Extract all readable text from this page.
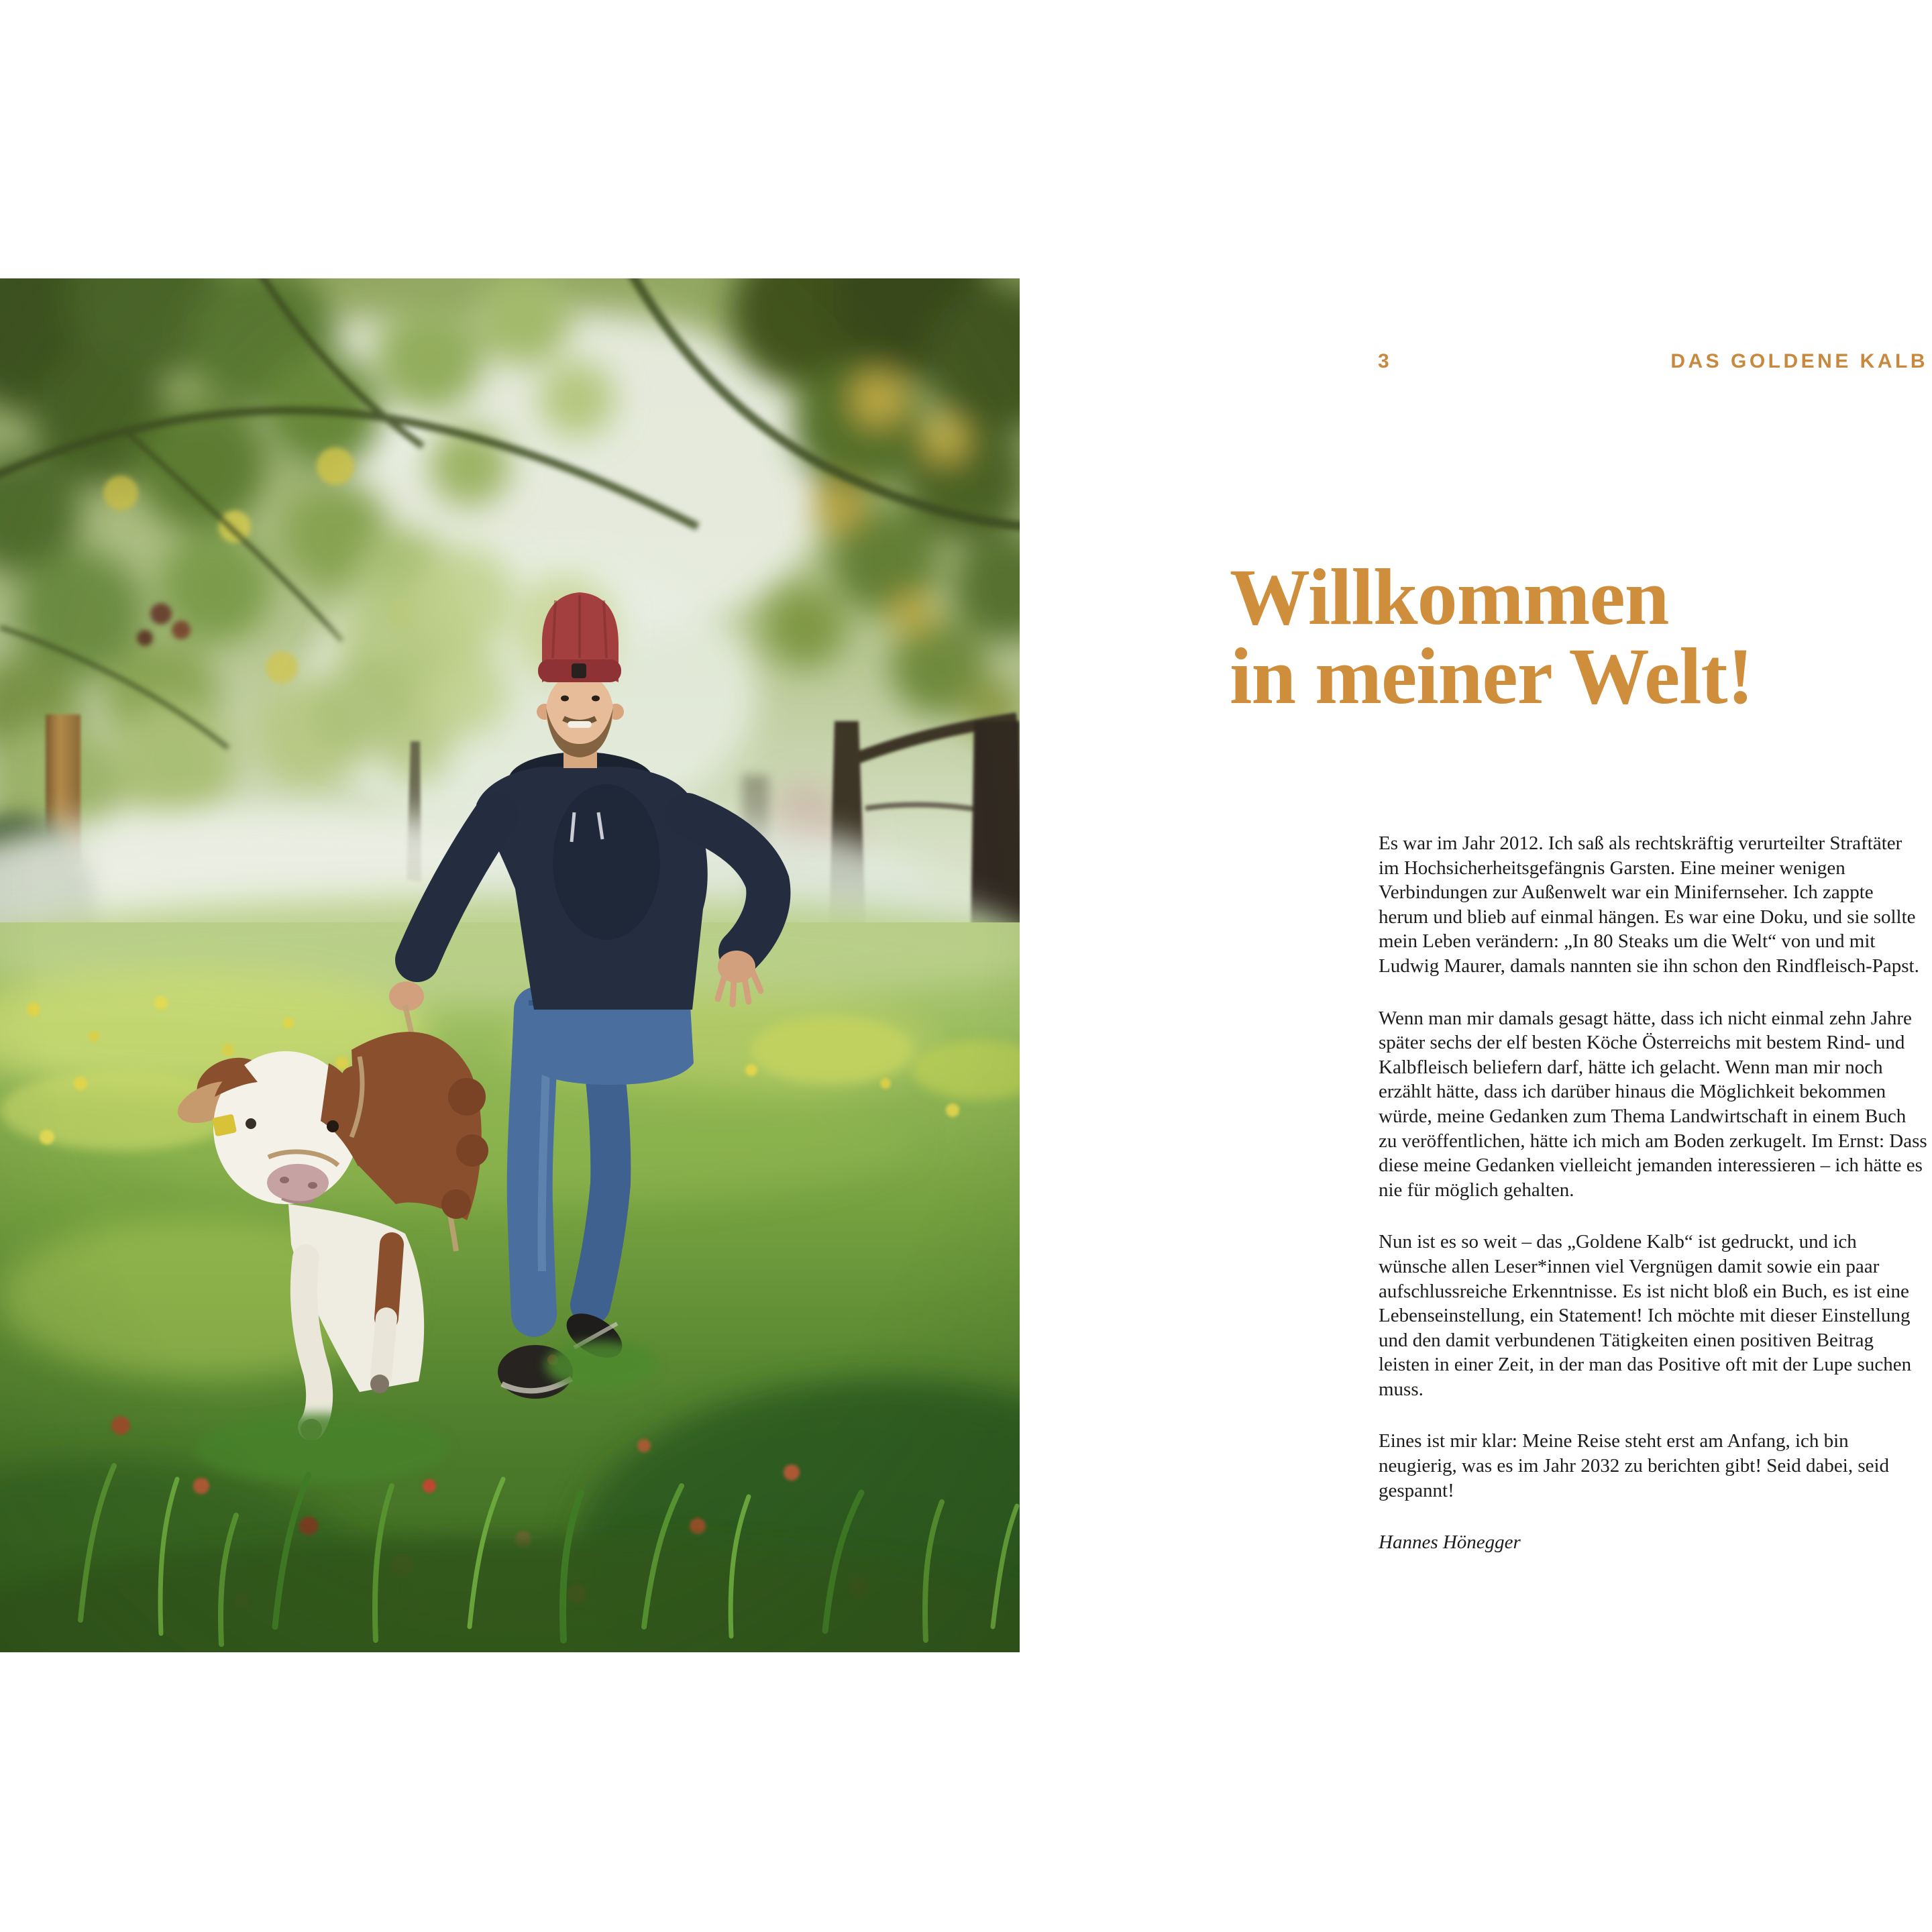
3	DAS GOLDENE KALB
Willkommen
in meiner Welt!

Es war im Jahr 2012. Ich saß als rechtskräftig verurteilter Straftäter im Hochsicherheitsgefängnis Garsten. Eine meiner wenigen Verbindungen zur Außenwelt war ein Minifernseher. Ich zappte herum und blieb auf einmal hängen. Es war eine Doku, und sie sollte mein Leben verändern: „In 80 Steaks um die Welt“ von und mit Ludwig Maurer, damals nannten sie ihn schon den Rindfleisch-Papst.

Wenn man mir damals gesagt hätte, dass ich nicht einmal zehn Jahre später sechs der elf besten Köche Österreichs mit bestem Rind- und Kalbfleisch beliefern darf, hätte ich gelacht. Wenn man mir noch erzählt hätte, dass ich darüber hinaus die Möglichkeit bekommen würde, meine Gedanken zum Thema Landwirtschaft in einem Buch zu veröffentlichen, hätte ich mich am Boden zerkugelt. Im Ernst: Dass diese meine Gedanken vielleicht jemanden interessieren – ich hätte es nie für möglich gehalten.

Nun ist es so weit – das „Goldene Kalb“ ist gedruckt, und ich wünsche allen Leser*innen viel Vergnügen damit sowie ein paar aufschlussreiche Erkenntnisse. Es ist nicht bloß ein Buch, es ist eine Lebenseinstellung, ein Statement! Ich möchte mit dieser Einstellung und den damit verbundenen Tätigkeiten einen positiven Beitrag leisten in einer Zeit, in der man das Positive oft mit der Lupe suchen muss.

Eines ist mir klar: Meine Reise steht erst am Anfang, ich bin neugierig, was es im Jahr 2032 zu berichten gibt! Seid dabei, seid gespannt!

Hannes Hönegger
